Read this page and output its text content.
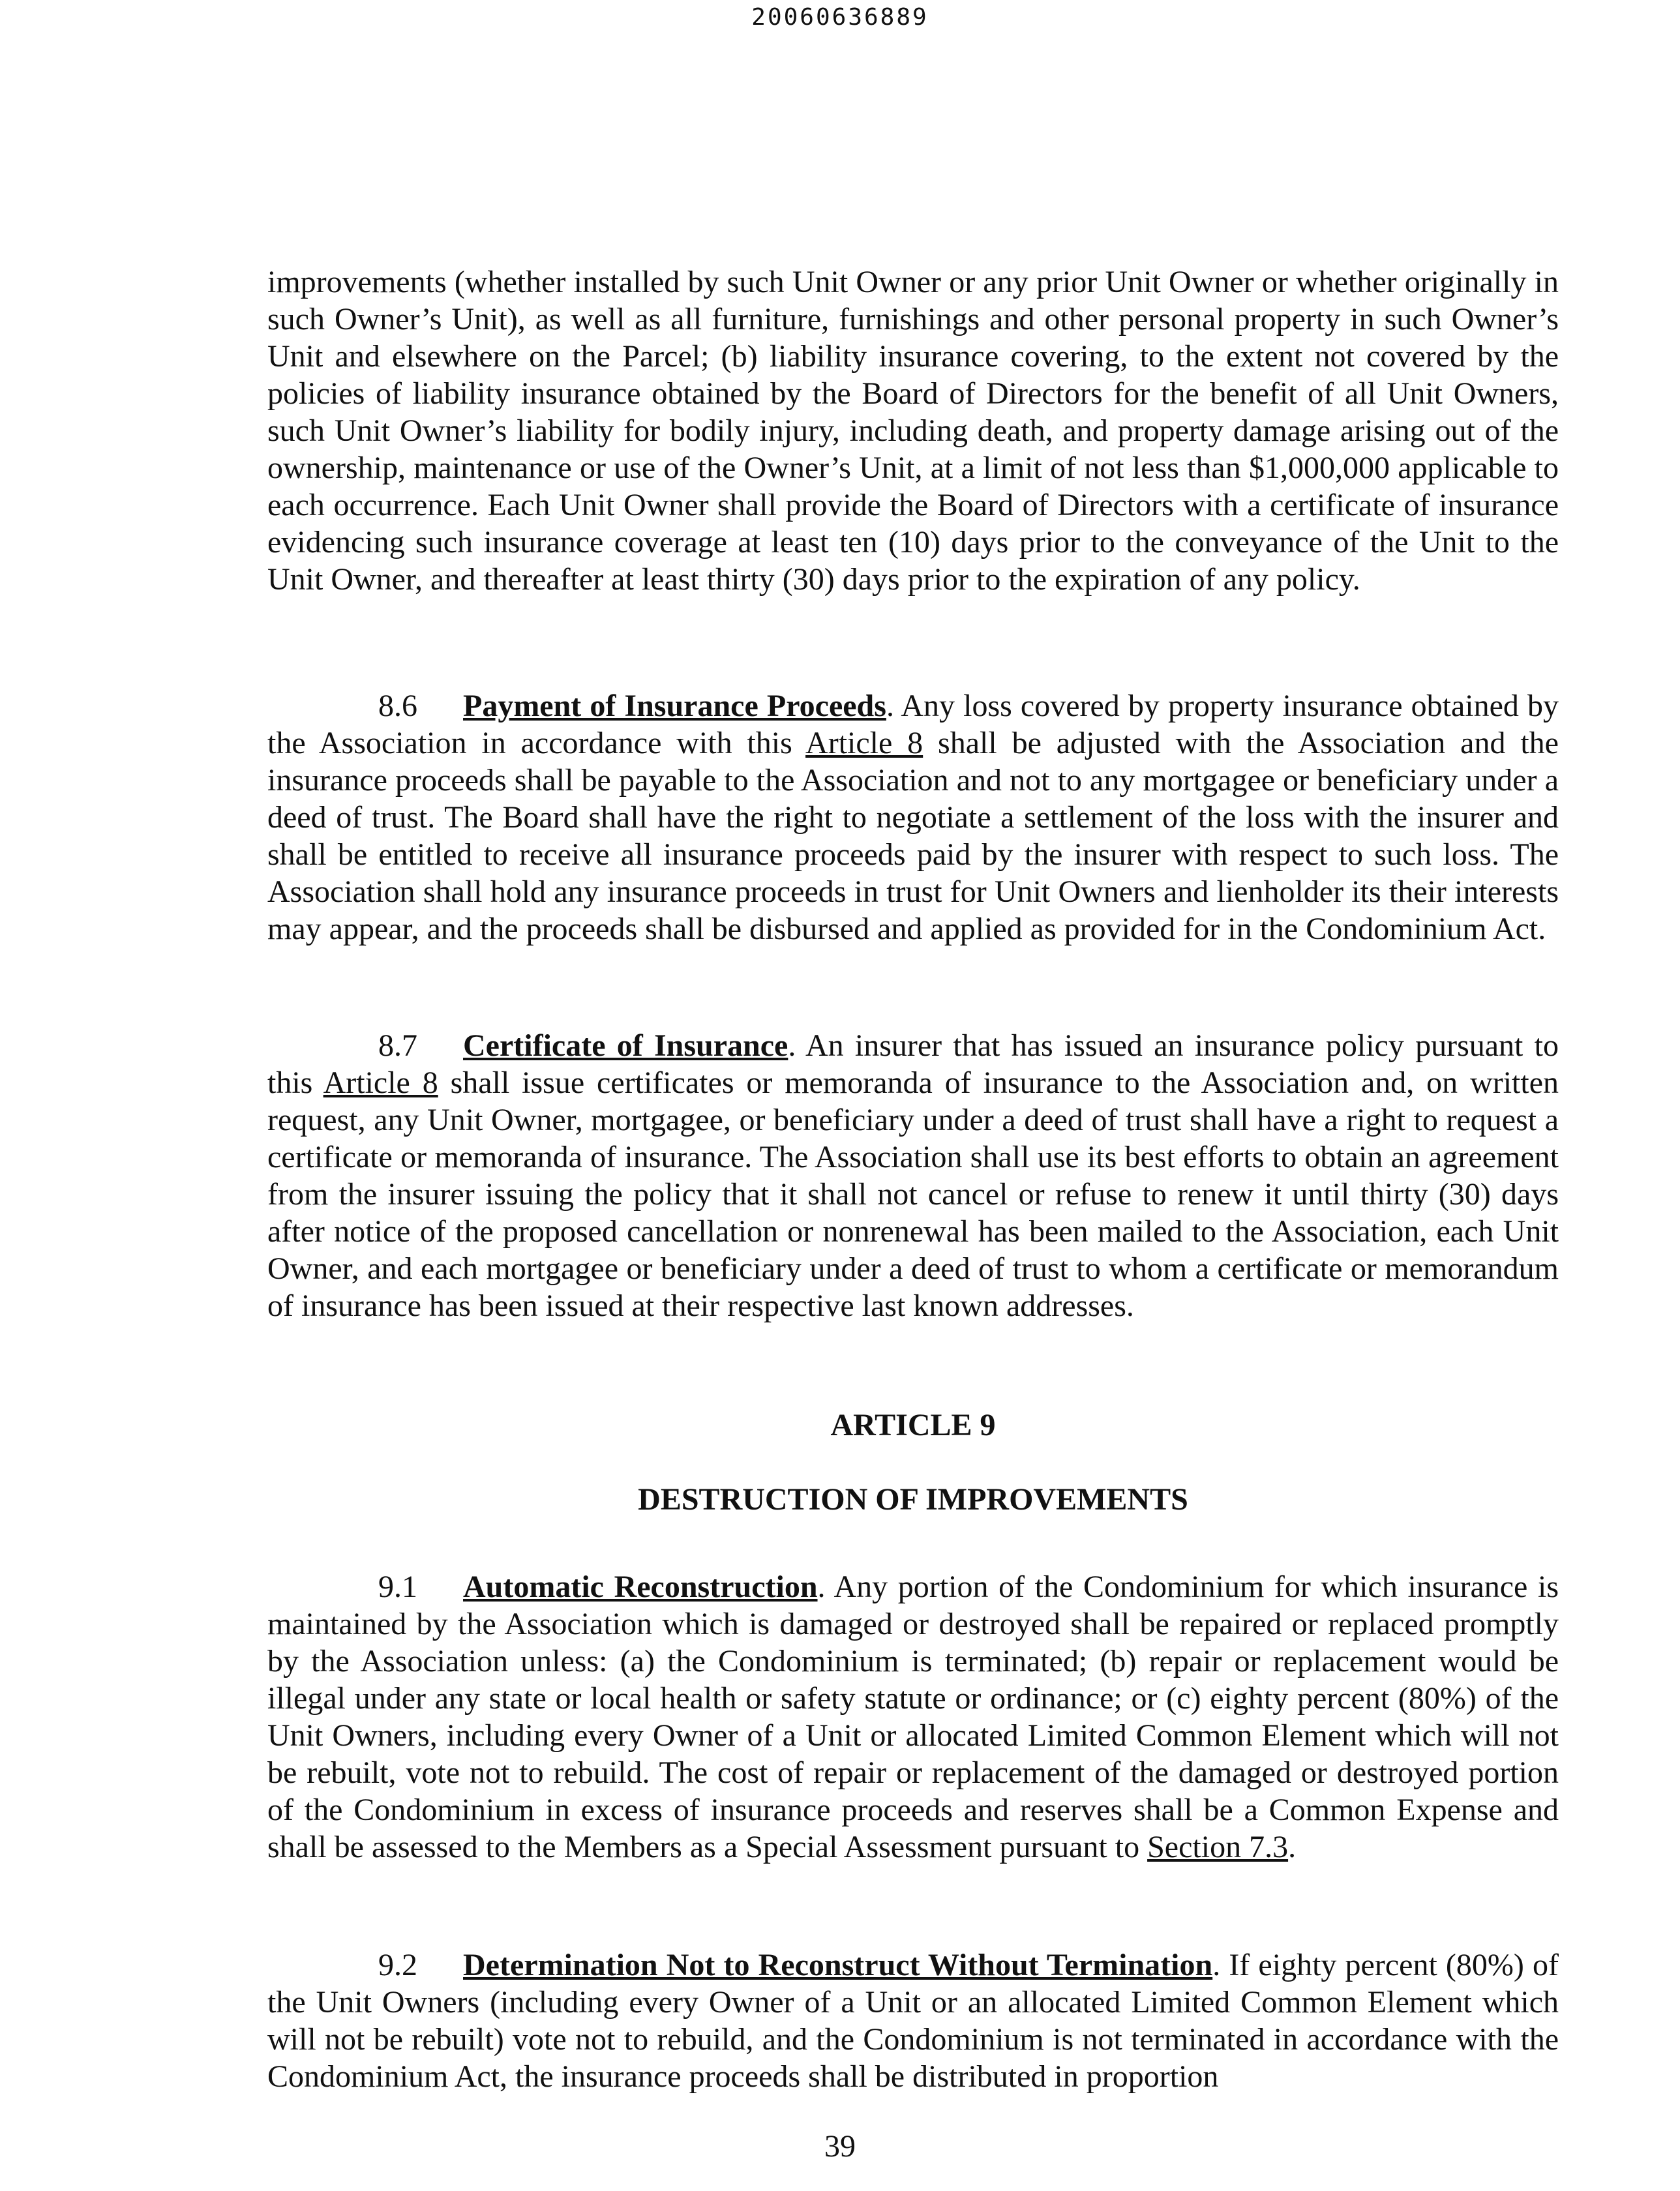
20060636889

improvements (whether installed by such Unit Owner or any prior Unit Owner or whether originally in such Owner’s Unit), as well as all furniture, furnishings and other personal property in such Owner’s Unit and elsewhere on the Parcel; (b) liability insurance covering, to the extent not covered by the policies of liability insurance obtained by the Board of Directors for the benefit of all Unit Owners, such Unit Owner’s liability for bodily injury, including death, and property damage arising out of the ownership, maintenance or use of the Owner’s Unit, at a limit of not less than $1,000,000 applicable to each occurrence. Each Unit Owner shall provide the Board of Directors with a certificate of insurance evidencing such insurance coverage at least ten (10) days prior to the conveyance of the Unit to the Unit Owner, and thereafter at least thirty (30) days prior to the expiration of any policy.

8.6 Payment of Insurance Proceeds. Any loss covered by property insurance obtained by the Association in accordance with this Article 8 shall be adjusted with the Association and the insurance proceeds shall be payable to the Association and not to any mortgagee or beneficiary under a deed of trust. The Board shall have the right to negotiate a settlement of the loss with the insurer and shall be entitled to receive all insurance proceeds paid by the insurer with respect to such loss. The Association shall hold any insurance proceeds in trust for Unit Owners and lienholder its their interests may appear, and the proceeds shall be disbursed and applied as provided for in the Condominium Act.

8.7 Certificate of Insurance. An insurer that has issued an insurance policy pursuant to this Article 8 shall issue certificates or memoranda of insurance to the Association and, on written request, any Unit Owner, mortgagee, or beneficiary under a deed of trust shall have a right to request a certificate or memoranda of insurance. The Association shall use its best efforts to obtain an agreement from the insurer issuing the policy that it shall not cancel or refuse to renew it until thirty (30) days after notice of the proposed cancellation or nonrenewal has been mailed to the Association, each Unit Owner, and each mortgagee or beneficiary under a deed of trust to whom a certificate or memorandum of insurance has been issued at their respective last known addresses.

ARTICLE 9
DESTRUCTION OF IMPROVEMENTS

9.1 Automatic Reconstruction. Any portion of the Condominium for which insurance is maintained by the Association which is damaged or destroyed shall be repaired or replaced promptly by the Association unless: (a) the Condominium is terminated; (b) repair or replacement would be illegal under any state or local health or safety statute or ordinance; or (c) eighty percent (80%) of the Unit Owners, including every Owner of a Unit or allocated Limited Common Element which will not be rebuilt, vote not to rebuild. The cost of repair or replacement of the damaged or destroyed portion of the Condominium in excess of insurance proceeds and reserves shall be a Common Expense and shall be assessed to the Members as a Special Assessment pursuant to Section 7.3.

9.2 Determination Not to Reconstruct Without Termination. If eighty percent (80%) of the Unit Owners (including every Owner of a Unit or an allocated Limited Common Element which will not be rebuilt) vote not to rebuild, and the Condominium is not terminated in accordance with the Condominium Act, the insurance proceeds shall be distributed in proportion

39
